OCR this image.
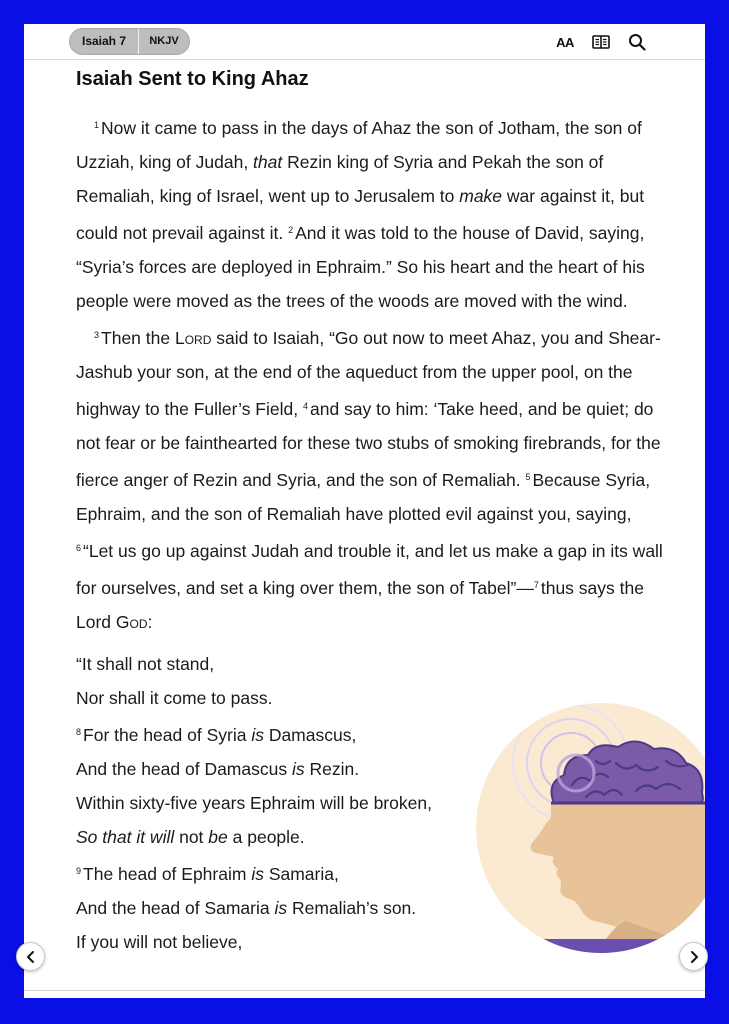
Isaiah 7	NKJV	AA
Isaiah Sent to King Ahaz

$^1$ Now it came to pass in the days of Ahaz the son of Jotham, the son of Uzziah, king of Judah, that Rezin king of Syria and Pekah the son of Remaliah, king of Israel, went up to Jerusalem to make war against it, but could not prevail against it. $^2$ And it was told to the house of David, saying, “Syria’s forces are deployed in Ephraim.” So his heart and the heart of his people were moved as the trees of the woods are moved with the wind.

$^3$ Then the Lord said to Isaiah, “Go out now to meet Ahaz, you and Shear-Jashub your son, at the end of the aqueduct from the upper pool, on the highway to the Fuller’s Field, $^4$ and say to him: ‘Take heed, and be quiet; do not fear or be fainthearted for these two stubs of smoking firebrands, for the fierce anger of Rezin and Syria, and the son of Remaliah. $^5$ Because Syria, Ephraim, and the son of Remaliah have plotted evil against you, saying, $^6$ “Let us go up against Judah and trouble it, and let us make a gap in its wall for ourselves, and set a king over them, the son of Tabel”—$^7$ thus says the Lord God:

“It shall not stand,
Nor shall it come to pass.
$^8$ For the head of Syria is Damascus,
And the head of Damascus is Rezin.
Within sixty-five years Ephraim will be broken,
So that it will not be a people.
$^9$ The head of Ephraim is Samaria,
And the head of Samaria is Remaliah’s son.
If you will not believe,
